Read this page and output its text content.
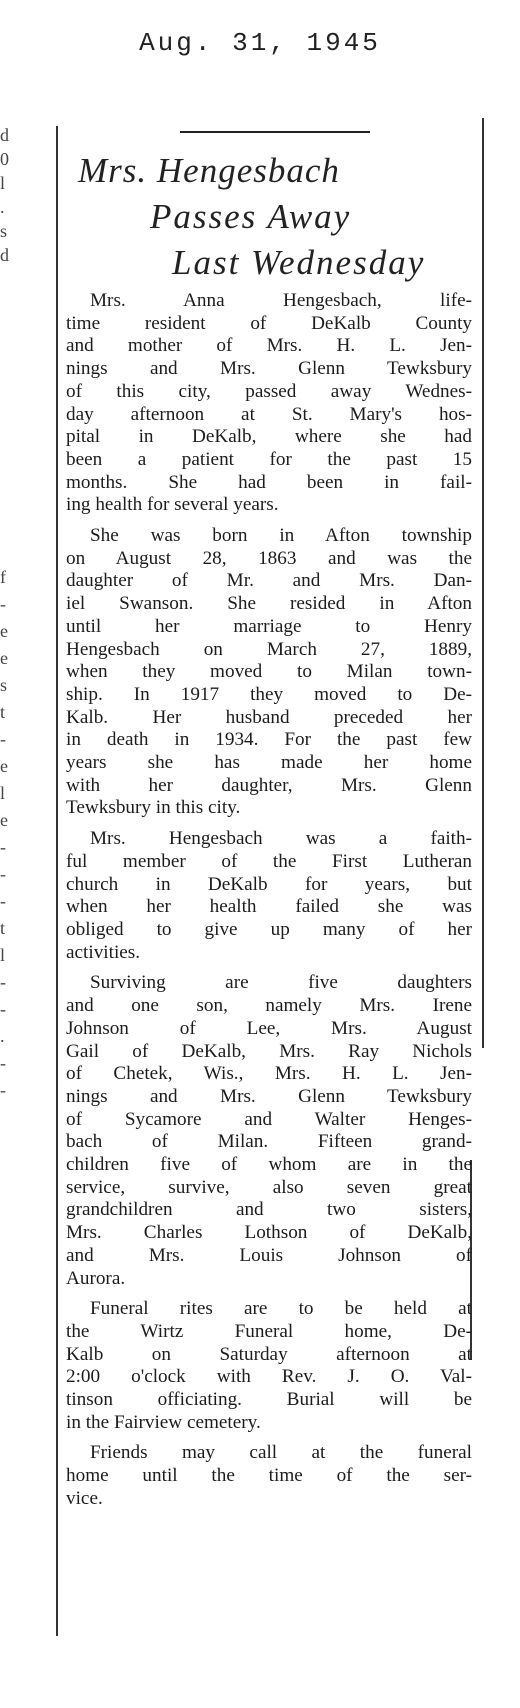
Aug. 31, 1945
d
0
l
.
s
d
f
-
e
e
s
t
-
e
l
e
-
-
-
t
l
-
-
.
-
-
Mrs. Hengesbach
Passes Away
Last Wednesday

Mrs. Anna Hengesbach, life-
time resident of DeKalb County
and mother of Mrs. H. L. Jen-
nings and Mrs. Glenn Tewksbury
of this city, passed away Wednes-
day afternoon at St. Mary's hos-
pital in DeKalb, where she had
been a patient for the past 15
months. She had been in fail-
ing health for several years.

She was born in Afton township
on August 28, 1863 and was the
daughter of Mr. and Mrs. Dan-
iel Swanson. She resided in Afton
until her marriage to Henry
Hengesbach on March 27, 1889,
when they moved to Milan town-
ship. In 1917 they moved to De-
Kalb. Her husband preceded her
in death in 1934. For the past few
years she has made her home
with her daughter, Mrs. Glenn
Tewksbury in this city.

Mrs. Hengesbach was a faith-
ful member of the First Lutheran
church in DeKalb for years, but
when her health failed she was
obliged to give up many of her
activities.

Surviving are five daughters
and one son, namely Mrs. Irene
Johnson of Lee, Mrs. August
Gail of DeKalb, Mrs. Ray Nichols
of Chetek, Wis., Mrs. H. L. Jen-
nings and Mrs. Glenn Tewksbury
of Sycamore and Walter Henges-
bach of Milan. Fifteen grand-
children five of whom are in the
service, survive, also seven great
grandchildren and two sisters,
Mrs. Charles Lothson of DeKalb,
and Mrs. Louis Johnson of
Aurora.

Funeral rites are to be held at
the Wirtz Funeral home, De-
Kalb on Saturday afternoon at
2:00 o'clock with Rev. J. O. Val-
tinson officiating. Burial will be
in the Fairview cemetery.

Friends may call at the funeral
home until the time of the ser-
vice.
